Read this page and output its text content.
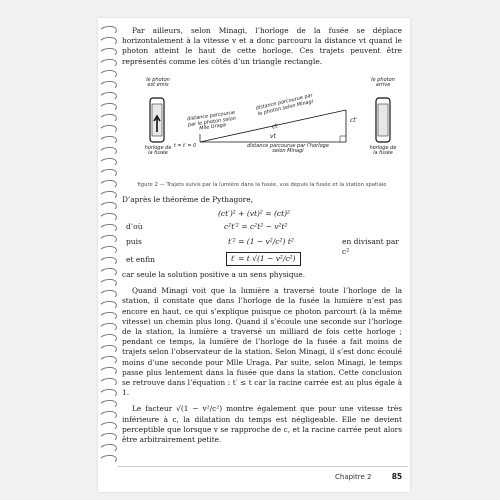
Par ailleurs, selon Minagi, l’horloge de la fusée se déplace horizontalement à la vitesse v et a donc parcouru la distance vt quand le photon atteint le haut de cette horloge. Ces trajets peuvent être représentés comme les côtés d’un triangle rectangle.

le photon
est émis
horloge de
la fusée
le photon
arrive
horloge de
la fusée
distance parcourue
par le photon selon
Mlle Uraga
distance parcourue par
le photon selon Minagi
ct
ct′
vt
distance parcourue par l’horloge
selon Minagi
t = t′ = 0
figure 2 — Trajets suivis par la lumière dans la fusée, vus depuis la fusée et la station spatiale

D’après le théorème de Pythagore,

(ct′)² + (vt)² = (ct)²
d’où	c²t′² = c²t² − v²t²
puis	t′² = (1 − v²/c²) t²	en divisant par c²
et enfin	t′ = t √(1 − v²/c²)

car seule la solution positive a un sens physique.

Quand Minagi voit que la lumière a traversé toute l’horloge de la station, il constate que dans l’horloge de la fusée la lumière n’est pas encore en haut, ce qui s’explique puisque ce photon parcourt (à la même vitesse) un chemin plus long. Quand il s’écoule une seconde sur l’horloge de la station, la lumière a traversé un milliard de fois cette horloge ; pendant ce temps, la lumière de l’horloge de la fusée a fait moins de trajets selon l’observateur de la station. Selon Minagi, il s’est donc écoulé moins d’une seconde pour Mlle Uraga. Par suite, selon Minagi, le temps passe plus lentement dans la fusée que dans la station. Cette conclusion se retrouve dans l’équation : t′ ≤ t car la racine carrée est au plus égale à 1.

Le facteur √(1 − v²/c²) montre également que pour une vitesse très inférieure à c, la dilatation du temps est négligeable. Elle ne devient perceptible que lorsque v se rapproche de c, et la racine carrée peut alors être arbitrairement petite.

Chapitre 2	85
